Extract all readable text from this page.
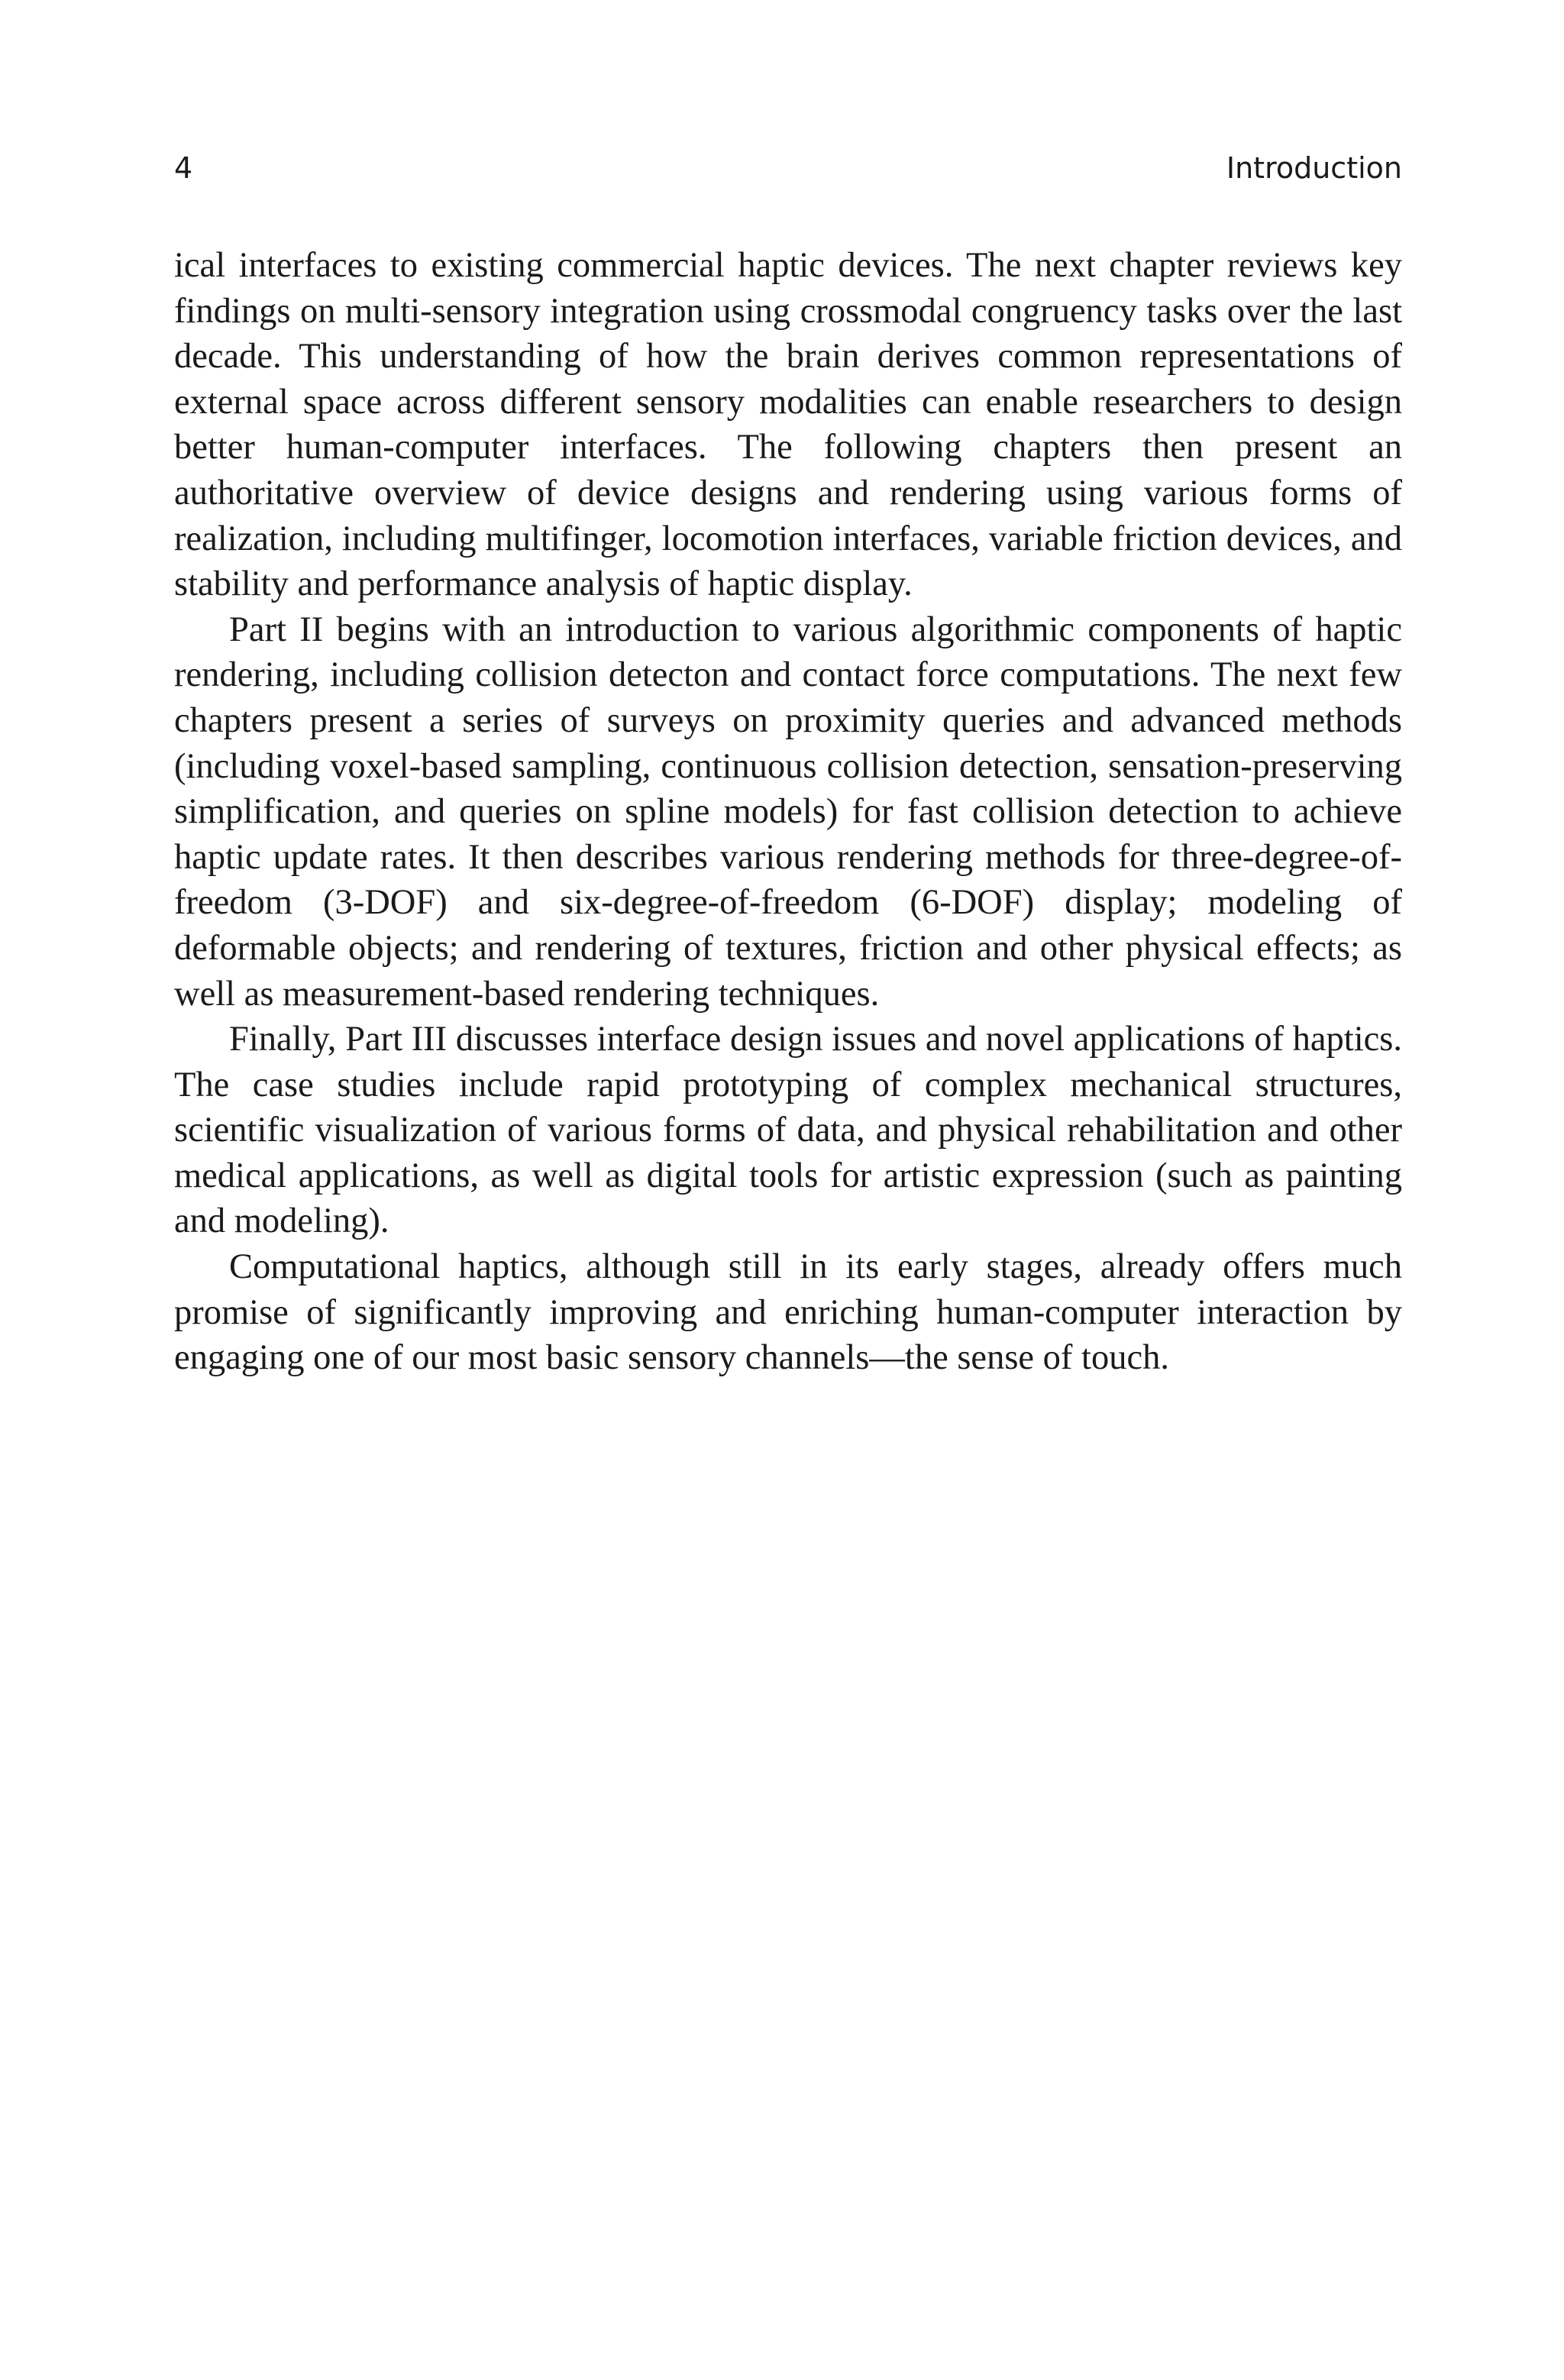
4	Introduction

ical interfaces to existing commercial haptic devices. The next chapter reviews key findings on multi-sensory integration using crossmodal congruency tasks over the last decade. This understanding of how the brain derives common representations of external space across different sensory modalities can enable researchers to design better human-computer interfaces. The following chapters then present an authoritative overview of device designs and rendering using various forms of realization, including multifinger, locomotion interfaces, variable friction devices, and stability and performance analysis of haptic display.

Part II begins with an introduction to various algorithmic components of haptic rendering, including collision detecton and contact force computations. The next few chapters present a series of surveys on proximity queries and advanced methods (including voxel-based sampling, continuous collision detection, sensation-preserving simplification, and queries on spline models) for fast collision detection to achieve haptic update rates. It then describes various rendering methods for three-degree-of-freedom (3-DOF) and six-degree-of-freedom (6-DOF) display; modeling of deformable objects; and rendering of textures, friction and other physical effects; as well as measurement-based rendering techniques.

Finally, Part III discusses interface design issues and novel applications of haptics. The case studies include rapid prototyping of complex mechanical structures, scientific visualization of various forms of data, and physical rehabilitation and other medical applications, as well as digital tools for artistic expression (such as painting and modeling).

Computational haptics, although still in its early stages, already offers much promise of significantly improving and enriching human-computer interaction by engaging one of our most basic sensory channels—the sense of touch.
